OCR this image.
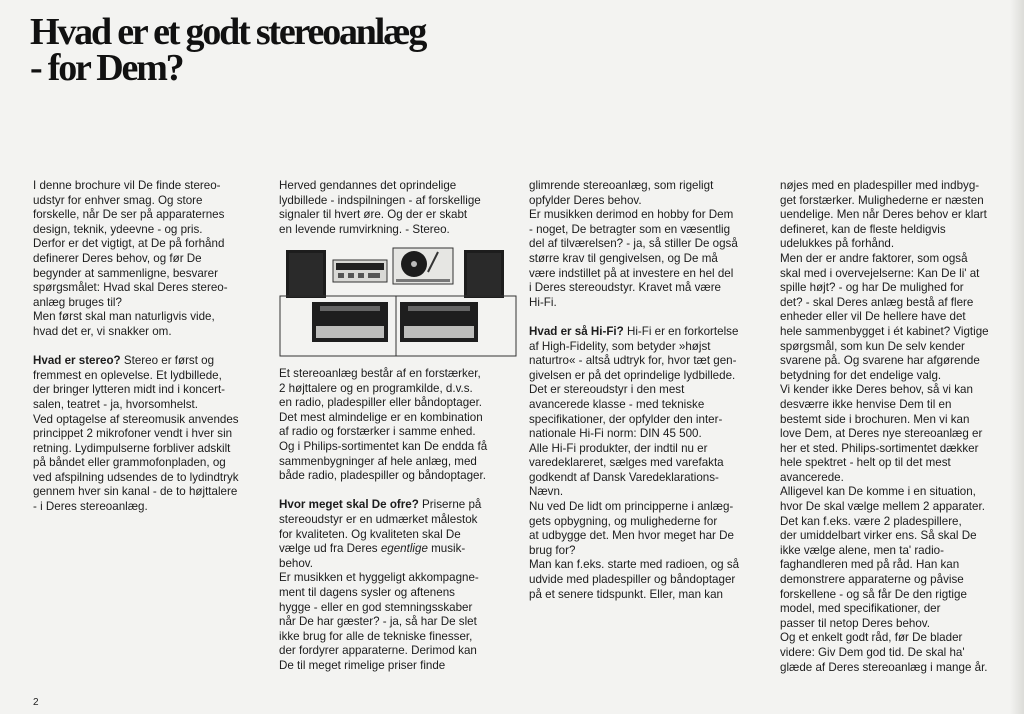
Hvad er et godt stereoanlæg
- for Dem?

I denne brochure vil De finde stereo-

udstyr for enhver smag. Og store

forskelle, når De ser på apparaternes

design, teknik, ydeevne - og pris.

Derfor er det vigtigt, at De på forhånd

definerer Deres behov, og før De

begynder at sammenligne, besvarer

spørgsmålet: Hvad skal Deres stereo-

anlæg bruges til?

Men først skal man naturligvis vide,

hvad det er, vi snakker om.

Hvad er stereo? Stereo er først og

fremmest en oplevelse. Et lydbillede,

der bringer lytteren midt ind i koncert-

salen, teatret - ja, hvorsomhelst.

Ved optagelse af stereomusik anvendes

princippet 2 mikrofoner vendt i hver sin

retning. Lydimpulserne forbliver adskilt

på båndet eller grammofonpladen, og

ved afspilning udsendes de to lydindtryk

gennem hver sin kanal - de to højttalere

- i Deres stereoanlæg.

Herved gendannes det oprindelige

lydbillede - indspilningen - af forskellige

signaler til hvert øre. Og der er skabt

en levende rumvirkning. - Stereo.

Et stereoanlæg består af en forstærker,

2 højttalere og en programkilde, d.v.s.

en radio, pladespiller eller båndoptager.

Det mest almindelige er en kombination

af radio og forstærker i samme enhed.

Og i Philips-sortimentet kan De endda få

sammenbygninger af hele anlæg, med

både radio, pladespiller og båndoptager.

Hvor meget skal De ofre? Priserne på

stereoudstyr er en udmærket målestok

for kvaliteten. Og kvaliteten skal De

vælge ud fra Deres egentlige musik-

behov.

Er musikken et hyggeligt akkompagne-

ment til dagens sysler og aftenens

hygge - eller en god stemningsskaber

når De har gæster? - ja, så har De slet

ikke brug for alle de tekniske finesser,

der fordyrer apparaterne. Derimod kan

De til meget rimelige priser finde

glimrende stereoanlæg, som rigeligt

opfylder Deres behov.

Er musikken derimod en hobby for Dem

- noget, De betragter som en væsentlig

del af tilværelsen? - ja, så stiller De også

større krav til gengivelsen, og De må

være indstillet på at investere en hel del

i Deres stereoudstyr. Kravet må være

Hi-Fi.

Hvad er så Hi-Fi? Hi-Fi er en forkortelse

af High-Fidelity, som betyder »højst

naturtro« - altså udtryk for, hvor tæt gen-

givelsen er på det oprindelige lydbillede.

Det er stereoudstyr i den mest

avancerede klasse - med tekniske

specifikationer, der opfylder den inter-

nationale Hi-Fi norm: DIN 45 500.

Alle Hi-Fi produkter, der indtil nu er

varedeklareret, sælges med varefakta

godkendt af Dansk Varedeklarations-

Nævn.

Nu ved De lidt om principperne i anlæg-

gets opbygning, og mulighederne for

at udbygge det. Men hvor meget har De

brug for?

Man kan f.eks. starte med radioen, og så

udvide med pladespiller og båndoptager

på et senere tidspunkt. Eller, man kan

nøjes med en pladespiller med indbyg-

get forstærker. Mulighederne er næsten

uendelige. Men når Deres behov er klart

defineret, kan de fleste heldigvis

udelukkes på forhånd.

Men der er andre faktorer, som også

skal med i overvejelserne: Kan De li' at

spille højt? - og har De mulighed for

det? - skal Deres anlæg bestå af flere

enheder eller vil De hellere have det

hele sammenbygget i ét kabinet? Vigtige

spørgsmål, som kun De selv kender

svarene på. Og svarene har afgørende

betydning for det endelige valg.

Vi kender ikke Deres behov, så vi kan

desværre ikke henvise Dem til en

bestemt side i brochuren. Men vi kan

love Dem, at Deres nye stereoanlæg er

her et sted. Philips-sortimentet dækker

hele spektret - helt op til det mest

avancerede.

Alligevel kan De komme i en situation,

hvor De skal vælge mellem 2 apparater.

Det kan f.eks. være 2 pladespillere,

der umiddelbart virker ens. Så skal De

ikke vælge alene, men ta' radio-

faghandleren med på råd. Han kan

demonstrere apparaterne og påvise

forskellene - og så får De den rigtige

model, med specifikationer, der

passer til netop Deres behov.

Og et enkelt godt råd, før De blader

videre: Giv Dem god tid. De skal ha'

glæde af Deres stereoanlæg i mange år.

2
